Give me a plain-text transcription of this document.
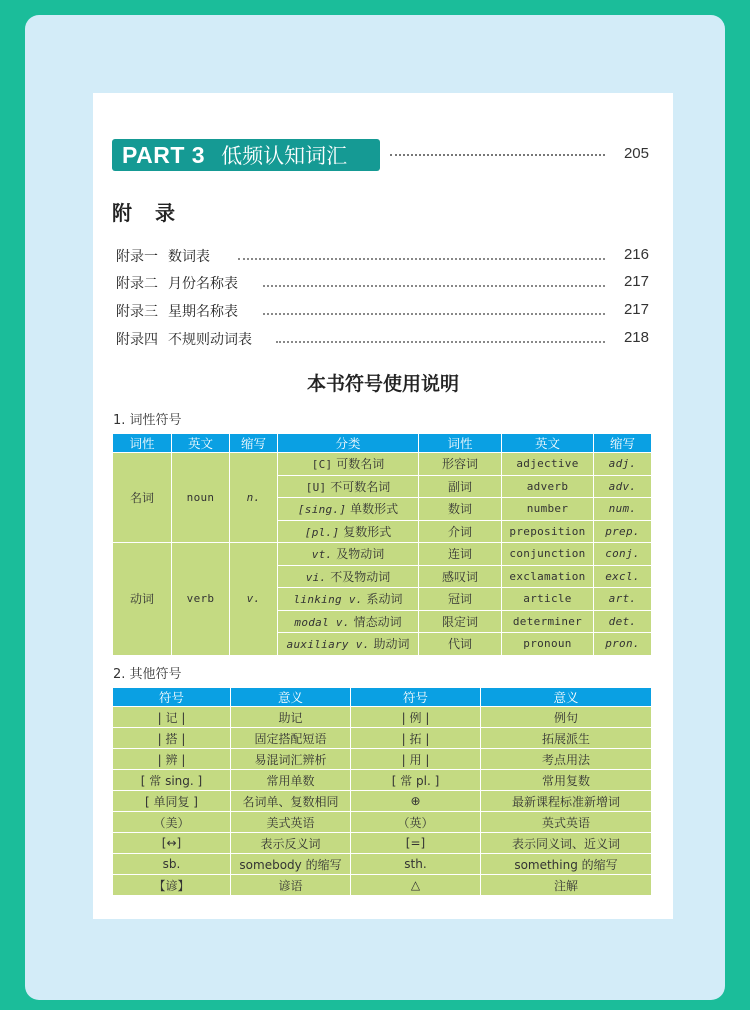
PART 3 低频认知词汇	205
附 录
附录一 数词表	216
附录二 月份名称表	217
附录三 星期名称表	217
附录四 不规则动词表	218
本书符号使用说明
1. 词性符号
词性	英文	缩写	分类	词性	英文	缩写
名词	noun	n.	[C] 可数名词	形容词	adjective	adj.
			[U] 不可数名词	副词	adverb	adv.
			[sing.] 单数形式	数词	number	num.
			[pl.] 复数形式	介词	preposition	prep.
动词	verb	v.	vt. 及物动词	连词	conjunction	conj.
			vi. 不及物动词	感叹词	exclamation	excl.
			linking v. 系动词	冠词	article	art.
			modal v. 情态动词	限定词	determiner	det.
			auxiliary v. 助动词	代词	pronoun	pron.
2. 其他符号
符号	意义	符号	意义
| 记 |	助记	| 例 |	例句
| 搭 |	固定搭配短语	| 拓 |	拓展派生
| 辨 |	易混词汇辨析	| 用 |	考点用法
[ 常 sing. ]	常用单数	[ 常 pl. ]	常用复数
[ 单同复 ]	名词单、复数相同	⊕	最新课程标准新增词
（美）	美式英语	（英）	英式英语
[↔]	表示反义词	[=]	表示同义词、近义词
sb.	somebody 的缩写	sth.	something 的缩写
【谚】	谚语	△	注解
